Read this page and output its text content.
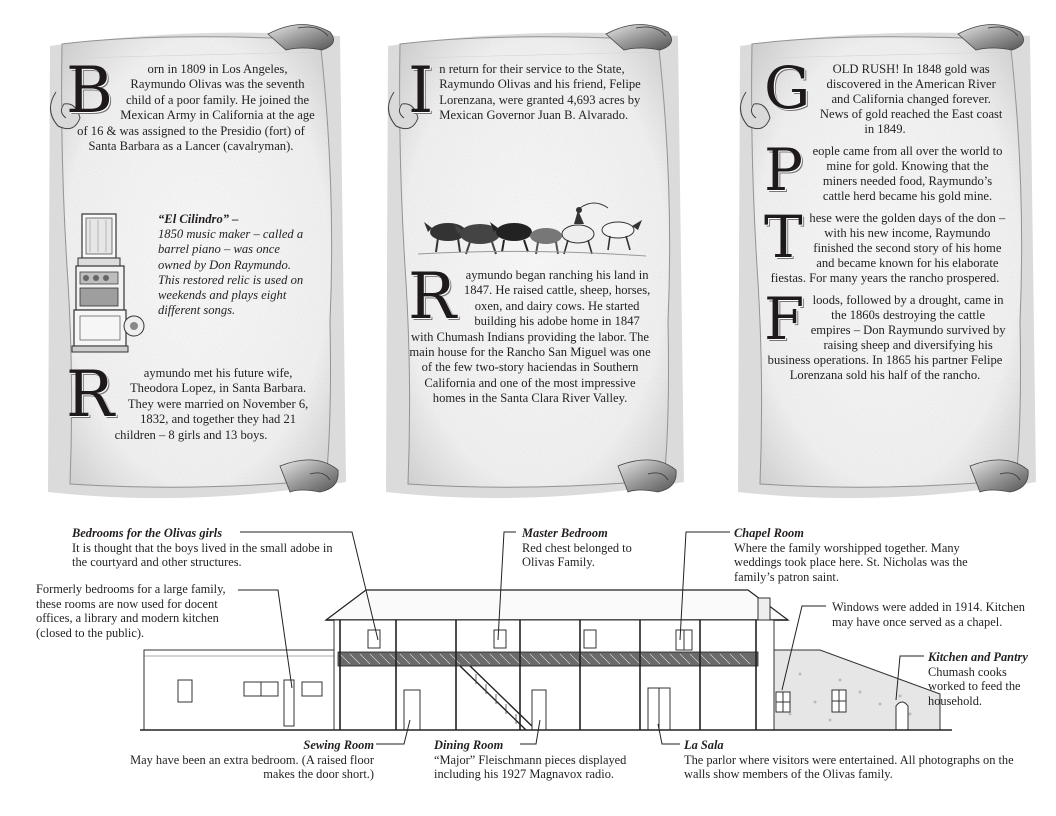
B	orn in 1809 in Los Angeles, Raymundo Olivas was the seventh child of a poor family. He joined the Mexican Army in California at the age of 16 & was assigned to the Presidio (fort) of Santa Barbara as a Lancer (cavalryman).

“El Cilindro” –
1850 music maker – called a barrel piano – was once owned by Don Raymundo. This restored relic is used on weekends and plays eight different songs.

R aymundo met his future wife, Theodora Lopez, in Santa Barbara. They were married on November 6, 1832, and together they had 21 children – 8 girls and 13 boys.

In return for their service to the State, Raymundo Olivas and his friend, Felipe Lorenzana, were granted 4,693 acres by Mexican Governor Juan B. Alvarado.

Raymundo began ranching his land in 1847. He raised cattle, sheep, horses, oxen, and dairy cows. He started building his adobe home in 1847 with Chumash Indians providing the labor. The main house for the Rancho San Miguel was one of the few two-story haciendas in Southern California and one of the most impressive homes in the Santa Clara River Valley.

G OLD RUSH! In 1848 gold was discovered in the American River and California changed forever. News of gold reached the East coast in 1849.

People came from all over the world to mine for gold. Knowing that the miners needed food, Raymundo’s cattle herd became his gold mine.

These were the golden days of the don – with his new income, Raymundo finished the second story of his home and became known for his elaborate fiestas. For many years the rancho prospered.

Floods, followed by a drought, came in the 1860s destroying the cattle empires – Don Raymundo survived by raising sheep and diversifying his business operations. In 1865 his partner Felipe Lorenzana sold his half of the rancho.

Bedrooms for the Olivas girls
It is thought that the boys lived in the small adobe in the courtyard and other structures.
Formerly bedrooms for a large family, these rooms are now used for docent offices, a library and modern kitchen (closed to the public).
Master Bedroom
Red chest belonged to Olivas Family.
Chapel Room
Where the family worshipped together. Many weddings took place here. St. Nicholas was the family’s patron saint.
Windows were added in 1914. Kitchen may have once served as a chapel.
Kitchen and Pantry
Chumash cooks worked to feed the household.
Sewing Room
May have been an extra bedroom. (A raised floor makes the door short.)
Dining Room
“Major” Fleischmann pieces displayed including his 1927 Magnavox radio.
La Sala
The parlor where visitors were entertained. All photographs on the walls show members of the Olivas family.
